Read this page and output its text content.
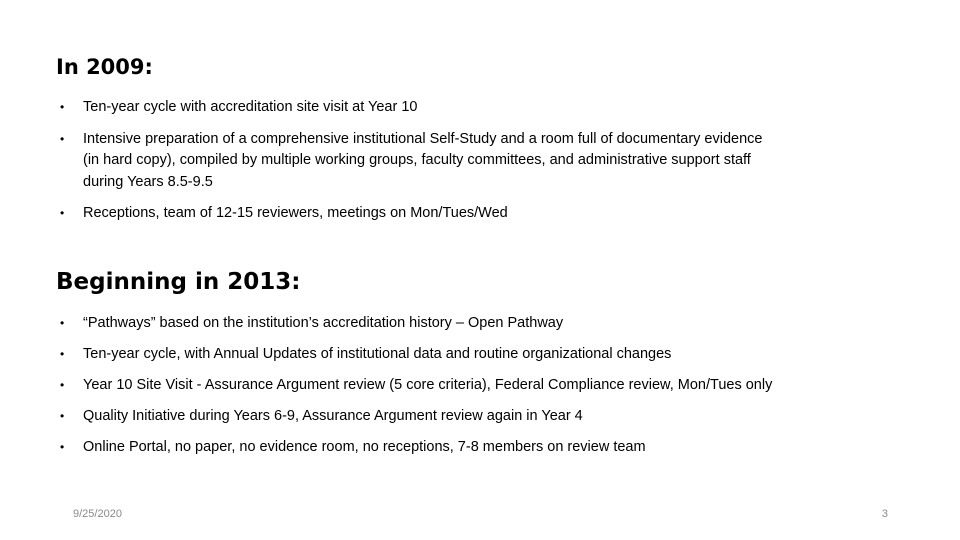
In 2009:
• Ten-year cycle with accreditation site visit at Year 10
• Intensive preparation of a comprehensive institutional Self-Study and a room full of documentary evidence (in hard copy), compiled by multiple working groups, faculty committees, and administrative support staff during Years 8.5-9.5
• Receptions, team of 12-15 reviewers, meetings on Mon/Tues/Wed
Beginning in 2013:
• “Pathways” based on the institution’s accreditation history – Open Pathway
• Ten-year cycle, with Annual Updates of institutional data and routine organizational changes
• Year 10 Site Visit - Assurance Argument review (5 core criteria), Federal Compliance review, Mon/Tues only
• Quality Initiative during Years 6-9, Assurance Argument review again in Year 4
• Online Portal, no paper, no evidence room, no receptions, 7-8 members on review team
9/25/2020	3
